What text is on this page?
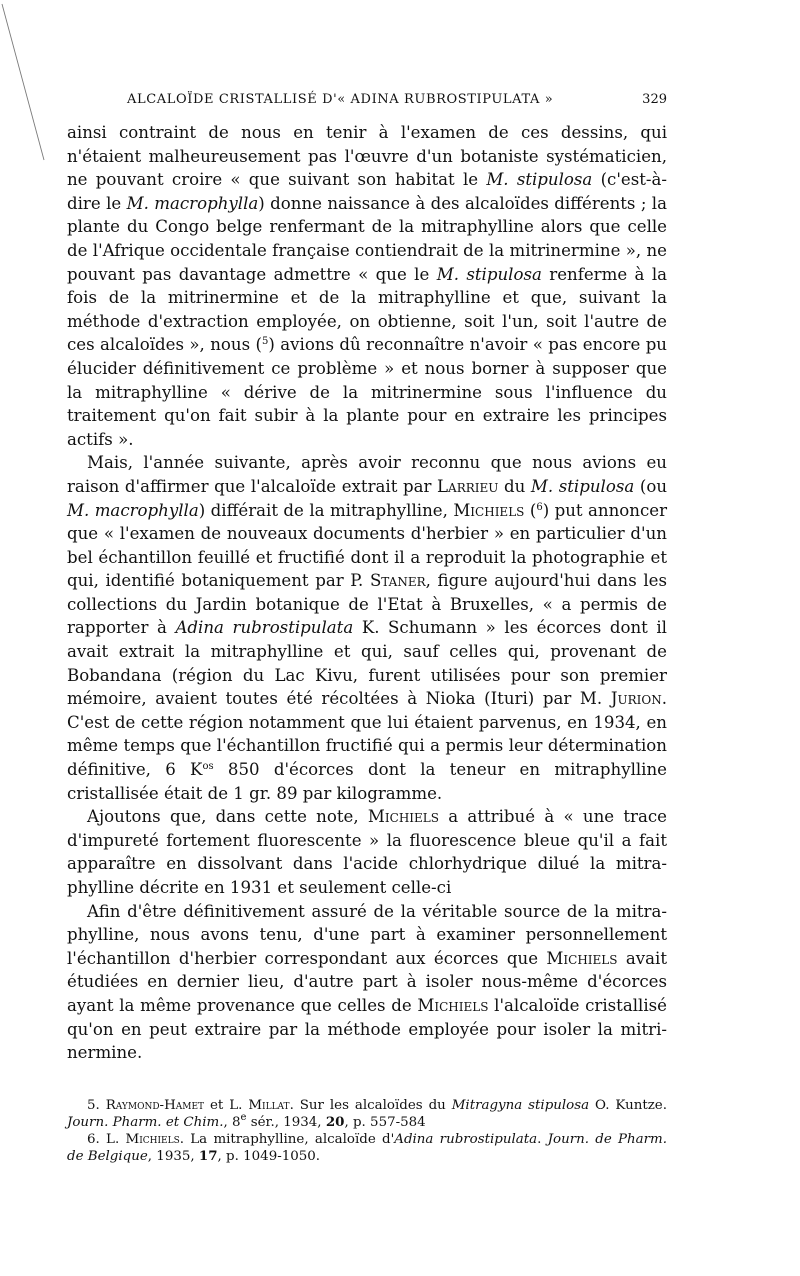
ALCALOÏDE CRISTALLISÉ D'« ADINA RUBROSTIPULATA »	329

ainsi contraint de nous en tenir à l'examen de ces dessins, qui n'étaient malheureusement pas l'œuvre d'un botaniste systématicien, ne pouvant croire « que suivant son habitat le M. stipulosa (c'est-à-dire le M. macrophylla) donne naissance à des alcaloïdes différents ; la plante du Congo belge renfermant de la mitraphylline alors que celle de l'Afrique occidentale française contiendrait de la mitrinermine », ne pouvant pas davantage admettre « que le M. stipulosa renferme à la fois de la mitrinermine et de la mitraphylline et que, suivant la méthode d'extraction employée, on obtienne, soit l'un, soit l'autre de ces alcaloïdes », nous ($^5$) avions dû reconnaître n'avoir « pas encore pu élucider définitivement ce problème » et nous borner à supposer que la mitraphylline « dérive de la mitrinermine sous l'influence du traitement qu'on fait subir à la plante pour en extraire les principes actifs ».

Mais, l'année suivante, après avoir reconnu que nous avions eu raison d'affirmer que l'alcaloïde extrait par Larrieu du M. stipulosa (ou M. macrophylla) différait de la mitraphylline, Michiels ($^6$) put annoncer que « l'examen de nouveaux documents d'herbier » en particulier d'un bel échantillon feuillé et fructifié dont il a reproduit la photographie et qui, identifié botaniquement par P. Staner, figure aujourd'hui dans les collections du Jardin botanique de l'Etat à Bruxelles, « a permis de rapporter à Adina rubrostipulata K. Schumann » les écorces dont il avait extrait la mitraphylline et qui, sauf celles qui, provenant de Bobandana (région du Lac Kivu, furent utilisées pour son premier mémoire, avaient toutes été récoltées à Nioka (Ituri) par M. Jurion. C'est de cette région notamment que lui étaient parvenus, en 1934, en même temps que l'échantillon fructifié qui a permis leur détermination définitive, 6 $K^{os}$ 850 d'écorces dont la teneur en mitraphylline cristallisée était de 1 gr. 89 par kilogramme.

Ajoutons que, dans cette note, Michiels a attribué à « une trace d'impureté fortement fluorescente » la fluorescence bleue qu'il a fait apparaître en dissolvant dans l'acide chlorhydrique dilué la mitraphylline décrite en 1931 et seulement celle-ci

Afin d'être définitivement assuré de la véritable source de la mitraphylline, nous avons tenu, d'une part à examiner personnellement l'échantillon d'herbier correspondant aux écorces que Michiels avait étudiées en dernier lieu, d'autre part à isoler nous-même d'écorces ayant la même provenance que celles de Michiels l'alcaloïde cristallisé qu'on en peut extraire par la méthode employée pour isoler la mitrinermine.

5. Raymond-Hamet et L. Millat. Sur les alcaloïdes du Mitragyna stipulosa O. Kuntze. Journ. Pharm. et Chim., 8e sér., 1934, 20, p. 557-584

6. L. Michiels. La mitraphylline, alcaloïde d'Adina rubrostipulata. Journ. de Pharm. de Belgique, 1935, 17, p. 1049-1050.
